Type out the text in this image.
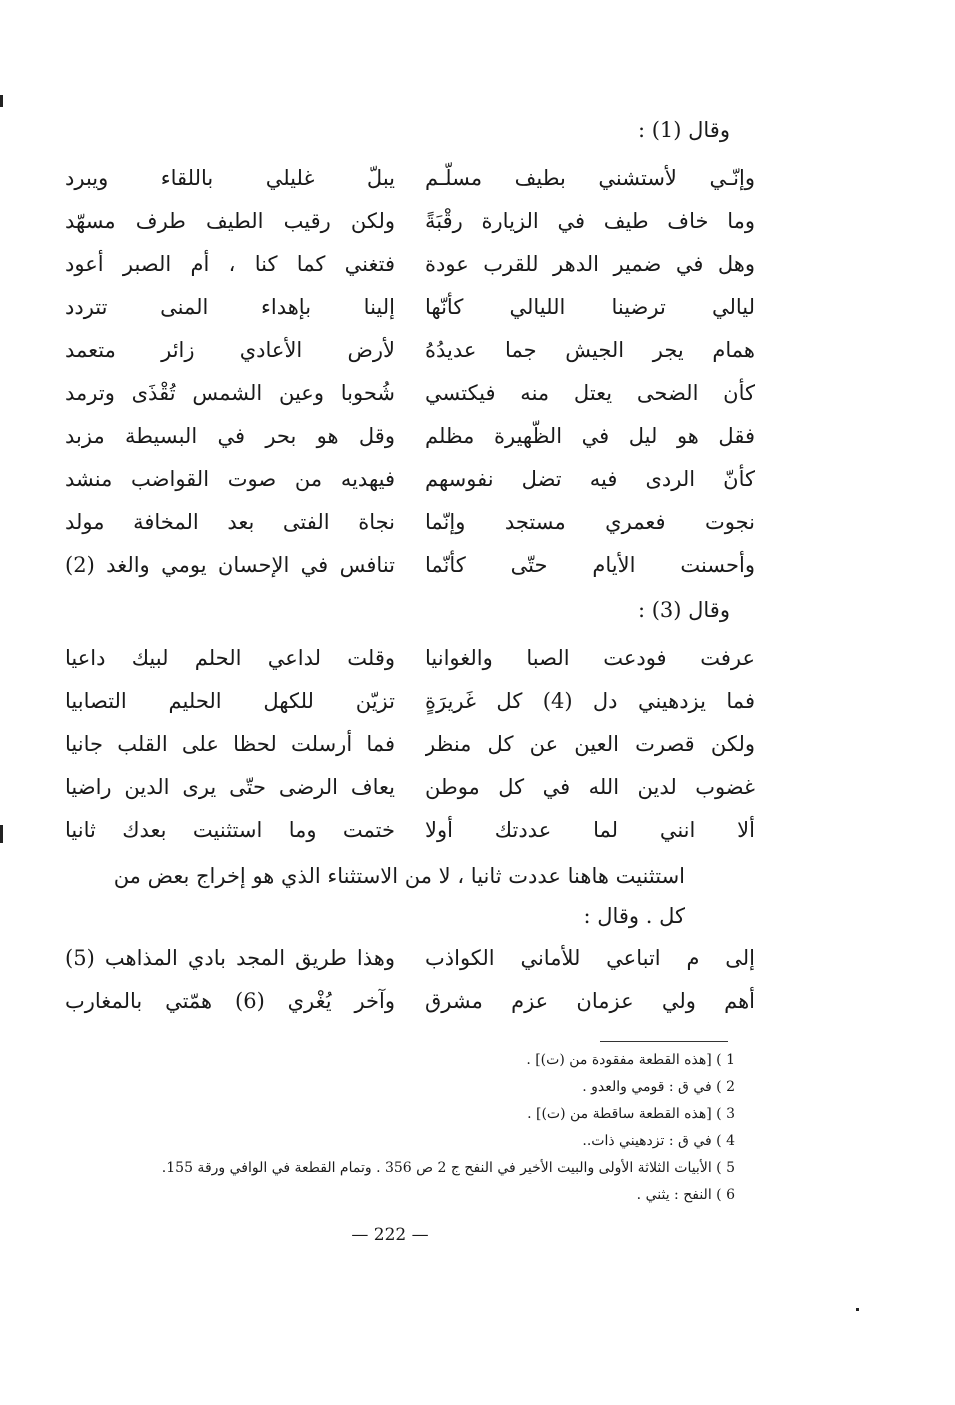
وقال (1) :
وإنّـي لأستشني بطيف مسلّـم
يبلّ غليلي باللقاء ويبرد
وما خاف طيف في الزيارة رقْبَةً
ولكن رقيب الطيف طرف مسهّد
وهل في ضمير الدهر للقرب عودة
فتغني كما كنا ، أم الصبر أعود
ليالي ترضينا الليالي كأنّها
إلينا بإهداء المنى تتردد
همام يجر الجيش جما عديدُهُ
لأرض الأعادي زائر متعمد
كأن الضحى يعتل منه فيكتسي
شُحوبا وعين الشمس تُقْذَى وترمد
فقل هو ليل في الظّهيرة مظلم
وقل هو بحر في البسيطة مزبد
كأنّ الردى فيه تضل نفوسهم
فيهديه من صوت القواضب منشد
نجوت فعمري مستجد وإنّما
نجاة الفتى بعد المخافة مولد
وأحسنت الأيام حتّى كأنّما
تنافس في الإحسان يومي والغد (2)
وقال (3) :
عرفت فودعت الصبا والغوانيا
وقلت لداعي الحلم لبيك داعيا
فما يزدهيني دل (4) كل غَريرَةٍ
تزيّن للكهل الحليم التصابيا
ولكن قصرت العين عن كل منظر
فما أرسلت لحظا على القلب جانيا
غضوب لدين الله في كل موطن
يعاف الرضى حتّى يرى الدين راضيا
ألا انني لما عددتك أولا
ختمت وما استثنيت بعدك ثانيا
استثنيت هاهنا عددت ثانيا ، لا من الاستثناء الذي هو إخراج بعض من
كل . وقال :
إلى م اتباعي للأماني الكواذب
وهذا طريق المجد بادي المذاهب (5)
أهم ولي عزمان عزم مشرق
وآخر يُغْري (6) همّتي بالمغارب
1 ) [هذه القطعة مفقودة من (ت)] .
2 ) في ق : قومي والعدو .
3 ) [هذه القطعة ساقطة من (ت)] .
4 ) في ق : تزدهيني ذات..
5 ) الأبيات الثلاثة الأولى والبيت الأخير في النفح ج 2 ص 356 . وتمام القطعة في الوافي ورقة 155.
6 ) النفح : يثني .
— 222 —
